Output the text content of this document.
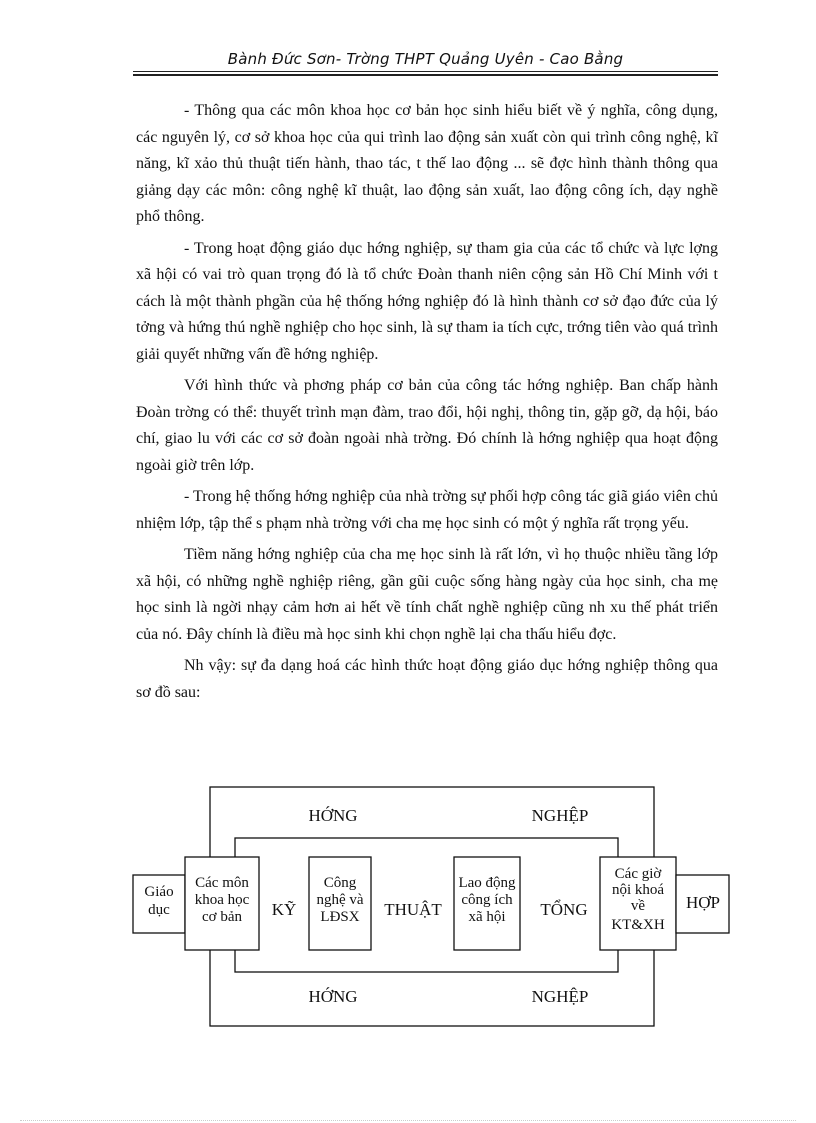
Bành Đức Sơn- Trờng THPT Quảng Uyên - Cao Bằng

- Thông qua các môn khoa học cơ bản học sinh hiểu biết về ý nghĩa, công dụng, các nguyên lý, cơ sở khoa học của qui trình lao động sản xuất còn qui trình công nghệ, kĩ năng, kĩ xảo thủ thuật tiến hành, thao tác, t thế lao động ... sẽ đợc hình thành thông qua giảng dạy các môn: công nghệ kĩ thuật, lao động sản xuất, lao động công ích, dạy nghề phổ thông.

- Trong hoạt động giáo dục hớng nghiệp, sự tham gia của các tổ chức và lực lợng xã hội có vai trò quan trọng đó là tổ chức Đoàn thanh niên cộng sản Hồ Chí Minh với t cách là một thành phgần của hệ thống hớng nghiệp đó là hình thành cơ sở đạo đức của lý tởng và hứng thú nghề nghiệp cho học sinh, là sự tham ia tích cực, trớng tiên vào quá trình giải quyết những vấn đề hớng nghiệp.

Với hình thức và phơng pháp cơ bản của công tác hớng nghiệp. Ban chấp hành Đoàn trờng có thể: thuyết trình mạn đàm, trao đổi, hội nghị, thông tin, gặp gỡ, dạ hội, báo chí, giao lu với các cơ sở đoàn ngoài nhà trờng. Đó chính là hớng nghiệp qua hoạt động ngoài giờ trên lớp.

- Trong hệ thống hớng nghiệp của nhà trờng sự phối hợp công tác giã giáo viên chủ nhiệm lớp, tập thể s phạm nhà trờng với cha mẹ học sinh có một ý nghĩa rất trọng yếu.

Tiềm năng hớng nghiệp của cha mẹ học sinh là rất lớn, vì họ thuộc nhiều tầng lớp xã hội, có những nghề nghiệp riêng, gần gũi cuộc sống hàng ngày của học sinh, cha mẹ học sinh là ngời nhạy cảm hơn ai hết về tính chất nghề nghiệp cũng nh xu thế phát triển của nó. Đây chính là điều mà học sinh khi chọn nghề lại cha thấu hiểu đợc.

Nh vậy: sự đa dạng hoá các hình thức hoạt động giáo dục hớng nghiệp thông qua sơ đồ sau:

HỚNG	NGHỆP
HỚNG	NGHỆP
Giáo
dục
Các môn
khoa học
cơ bản KỸ
Công
nghệ và
LĐSX THUẬT
Lao động
công ích
xã hội TỔNG
Các giờ
nội khoá
về
KT&XH
HỢP
